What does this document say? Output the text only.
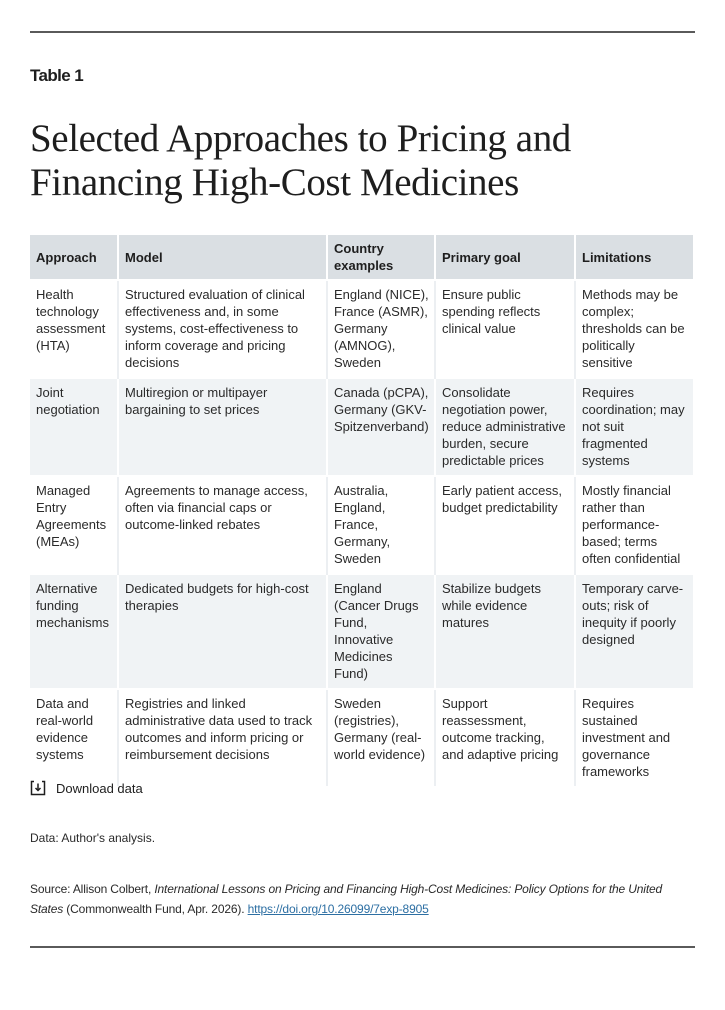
Table 1
Selected Approaches to Pricing and Financing High-Cost Medicines
Approach	Model	Country examples	Primary goal	Limitations
Health technology assessment (HTA)	Structured evaluation of clinical effectiveness and, in some systems, cost-effectiveness to inform coverage and pricing decisions	England (NICE), France (ASMR), Germany (AMNOG), Sweden	Ensure public spending reflects clinical value	Methods may be complex; thresholds can be politically sensitive
Joint negotiation	Multiregion or multipayer bargaining to set prices	Canada (pCPA), Germany (GKV-Spitzenverband)	Consolidate negotiation power, reduce administrative burden, secure predictable prices	Requires coordination; may not suit fragmented systems
Managed Entry Agreements (MEAs)	Agreements to manage access, often via financial caps or outcome-linked rebates	Australia, England, France, Germany, Sweden	Early patient access, budget predictability	Mostly financial rather than performance-based; terms often confidential
Alternative funding mechanisms	Dedicated budgets for high-cost therapies	England (Cancer Drugs Fund, Innovative Medicines Fund)	Stabilize budgets while evidence matures	Temporary carve-outs; risk of inequity if poorly designed
Data and real-world evidence systems	Registries and linked administrative data used to track outcomes and inform pricing or reimbursement decisions	Sweden (registries), Germany (real-world evidence)	Support reassessment, outcome tracking, and adaptive pricing	Requires sustained investment and governance frameworks
Download data
Data: Author's analysis.
Source: Allison Colbert, International Lessons on Pricing and Financing High-Cost Medicines: Policy Options for the United States (Commonwealth Fund, Apr. 2026). https://doi.org/10.26099/7exp-8905
